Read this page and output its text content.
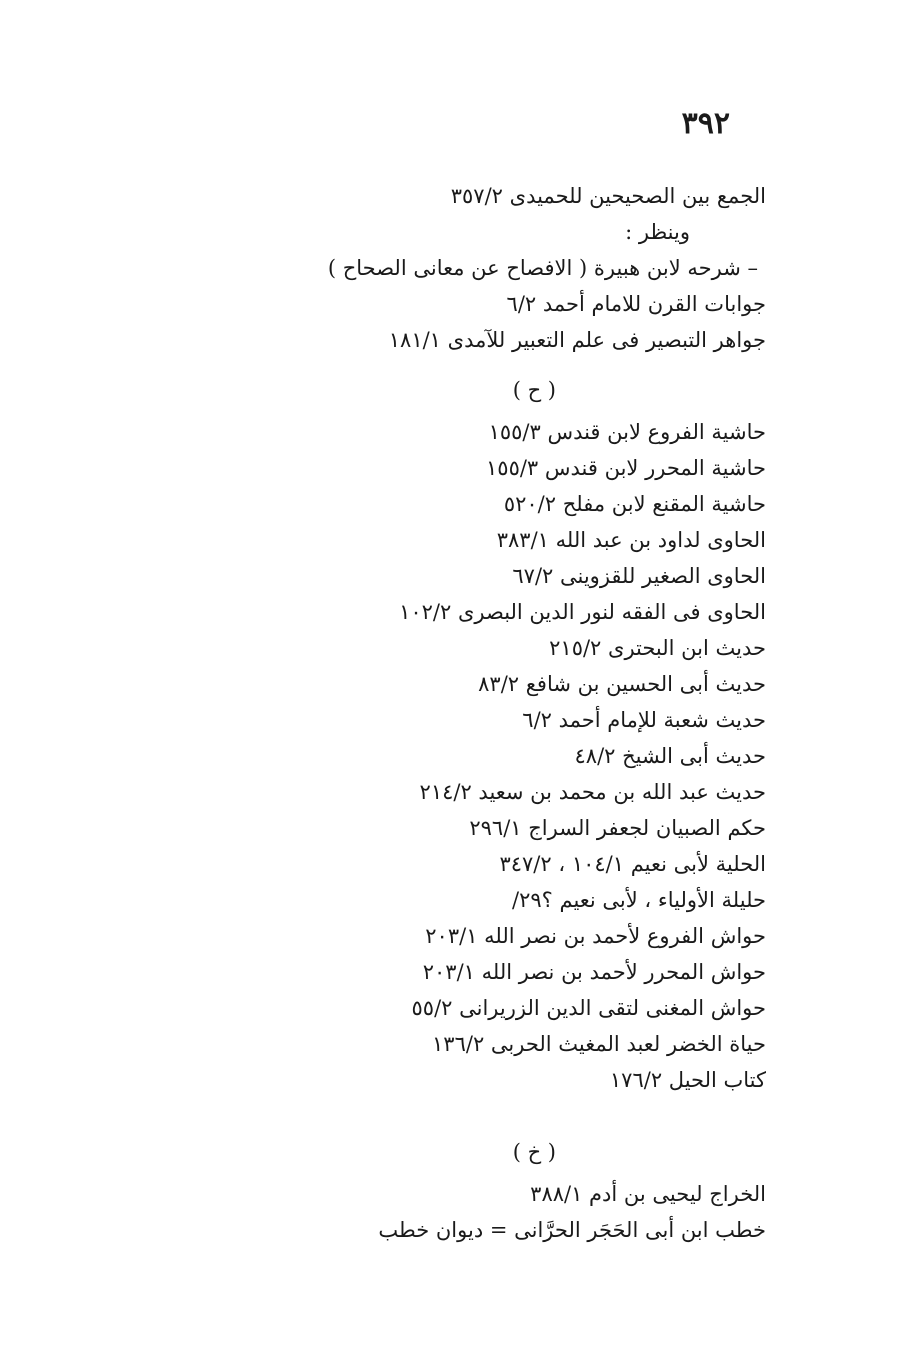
٣٩٢
الجمع بين الصحيحين للحميدى ٣٥٧/٢
وينظر :
– شرحه لابن هبيرة ( الافصاح عن معانى الصحاح )
جوابات القرن للامام أحمد ٦/٢
جواهر التبصير فى علم التعبير للآمدى ١٨١/١
( ح )
حاشية الفروع لابن قندس ١٥٥/٣
حاشية المحرر لابن قندس ١٥٥/٣
حاشية المقنع لابن مفلح ٥٢٠/٢
الحاوى لداود بن عبد الله ٣٨٣/١
الحاوى الصغير للقزوينى ٦٧/٢
الحاوى فى الفقه لنور الدين البصرى ١٠٢/٢
حديث ابن البحترى ٢١٥/٢
حديث أبى الحسين بن شافع ٨٣/٢
حديث شعبة للإمام أحمد ٦/٢
حديث أبى الشيخ ٤٨/٢
حديث عبد الله بن محمد بن سعيد ٢١٤/٢
حكم الصبيان لجعفر السراج ٢٩٦/١
الحلية لأبى نعيم ١٠٤/١ ، ٣٤٧/٢
حليلة الأولياء ، لأبى نعيم ؟٢٩/
حواش الفروع لأحمد بن نصر الله ٢٠٣/١
حواش المحرر لأحمد بن نصر الله ٢٠٣/١
حواش المغنى لتقى الدين الزريرانى ٥٥/٢
حياة الخضر لعبد المغيث الحربى ١٣٦/٢
كتاب الحيل ١٧٦/٢
( خ )
الخراج ليحيى بن أدم ٣٨٨/١
خطب ابن أبى الحَجَر الحرَّانى = ديوان خطب
